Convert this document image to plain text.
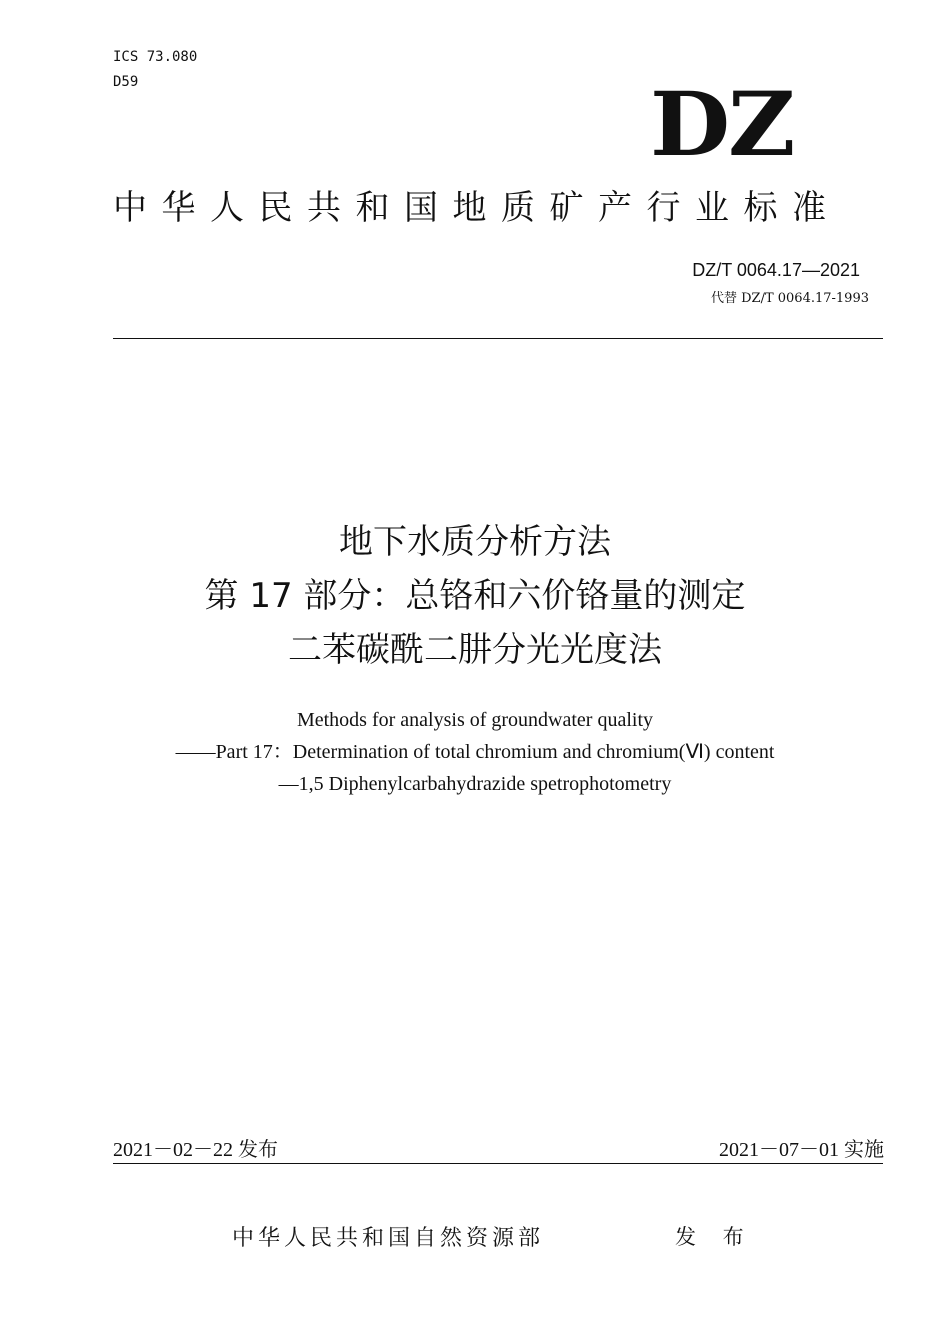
ICS 73.080
D59	DZ
中华人民共和国地质矿产行业标准
DZ/T 0064.17—2021
代替 DZ/T 0064.17-1993
地下水质分析方法
第 17 部分：总铬和六价铬量的测定
二苯碳酰二肼分光光度法
Methods for analysis of groundwater quality
——Part 17：Determination of total chromium and chromium(Ⅵ) content
—1,5 Diphenylcarbahydrazide spetrophotometry
2021－02－22 发布	2021－07－01 实施
中华人民共和国自然资源部	发 布
